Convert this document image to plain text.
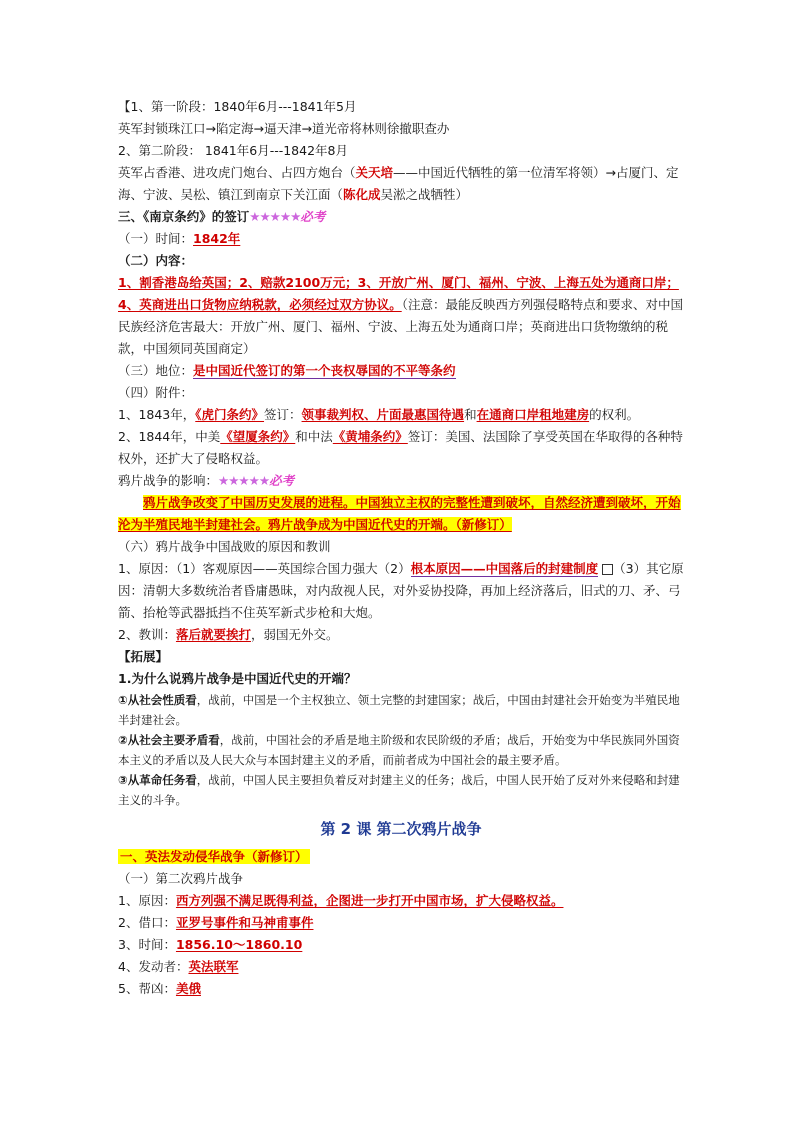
【1、第一阶段：1840年6月---1841年5月
英军封锁珠江口→陷定海→逼天津→道光帝将林则徐撤职查办
2、第二阶段： 1841年6月---1842年8月
英军占香港、进攻虎门炮台、占四方炮台（关天培——中国近代牺牲的第一位清军将领）→占厦门、定海、宁波、吴松、镇江到南京下关江面（陈化成吴淞之战牺牲）
三、《南京条约》的签订★★★★★必考
（一）时间：1842年
（二）内容：
1、割香港岛给英国；2、赔款2100万元；3、开放广州、厦门、福州、宁波、上海五处为通商口岸；4、英商进出口货物应纳税款，必须经过双方协议。（注意：最能反映西方列强侵略特点和要求、对中国民族经济危害最大：开放广州、厦门、福州、宁波、上海五处为通商口岸；英商进出口货物缴纳的税款，中国须同英国商定）
（三）地位：是中国近代签订的第一个丧权辱国的不平等条约
（四）附件：
1、1843年，《虎门条约》签订：领事裁判权、片面最惠国待遇和在通商口岸租地建房的权利。
2、1844年，中美《望厦条约》和中法《黄埔条约》签订：美国、法国除了享受英国在华取得的各种特权外，还扩大了侵略权益。
鸦片战争的影响：★★★★★必考
鸦片战争改变了中国历史发展的进程。中国独立主权的完整性遭到破坏，自然经济遭到破坏，开始沦为半殖民地半封建社会。鸦片战争成为中国近代史的开端。（新修订）
（六）鸦片战争中国战败的原因和教训
1、原因：（1）客观原因——英国综合国力强大（2）根本原因——中国落后的封建制度 （3）其它原因：清朝大多数统治者昏庸愚昧，对内敌视人民，对外妥协投降，再加上经济落后，旧式的刀、矛、弓箭、抬枪等武器抵挡不住英军新式步枪和大炮。
2、教训：落后就要挨打，弱国无外交。
【拓展】
1.为什么说鸦片战争是中国近代史的开端？
①从社会性质看，战前，中国是一个主权独立、领土完整的封建国家；战后，中国由封建社会开始变为半殖民地半封建社会。
②从社会主要矛盾看，战前，中国社会的矛盾是地主阶级和农民阶级的矛盾；战后，开始变为中华民族同外国资本主义的矛盾以及人民大众与本国封建主义的矛盾，而前者成为中国社会的最主要矛盾。
③从革命任务看，战前，中国人民主要担负着反对封建主义的任务；战后，中国人民开始了反对外来侵略和封建主义的斗争。
第 2 课 第二次鸦片战争
一、英法发动侵华战争（新修订）
（一）第二次鸦片战争
1、原因：西方列强不满足既得利益，企图进一步打开中国市场，扩大侵略权益。
2、借口：亚罗号事件和马神甫事件
3、时间：1856.10～1860.10
4、发动者：英法联军
5、帮凶：美俄
